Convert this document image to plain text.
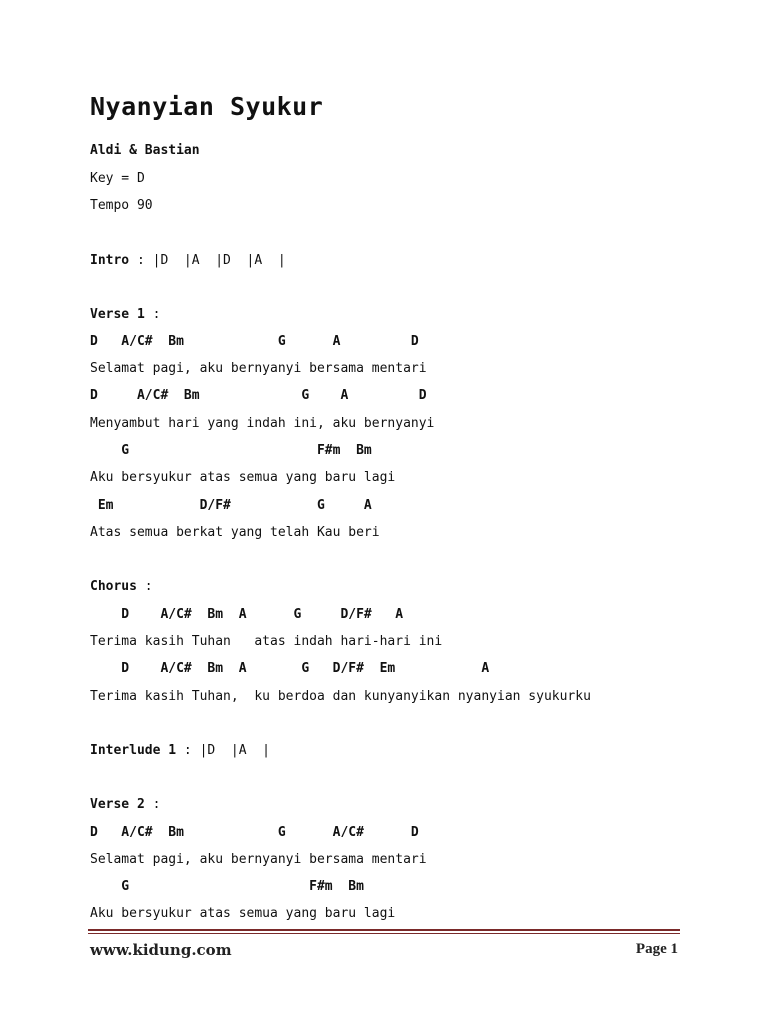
Nyanyian Syukur
Aldi & Bastian
Key = D
Tempo 90
Intro : |D  |A  |D  |A  |
Verse 1 :
D   A/C#  Bm            G      A         D
Selamat pagi, aku bernyanyi bersama mentari
D     A/C#  Bm             G    A         D
Menyambut hari yang indah ini, aku bernyanyi
G                        F#m  Bm
Aku bersyukur atas semua yang baru lagi
Em           D/F#           G     A
Atas semua berkat yang telah Kau beri
Chorus :
D    A/C#  Bm  A      G     D/F#   A
Terima kasih Tuhan   atas indah hari-hari ini
D    A/C#  Bm  A       G   D/F#  Em           A
Terima kasih Tuhan,  ku berdoa dan kunyanyikan nyanyian syukurku
Interlude 1 : |D  |A  |
Verse 2 :
D   A/C#  Bm            G      A/C#      D
Selamat pagi, aku bernyanyi bersama mentari
G                       F#m  Bm
Aku bersyukur atas semua yang baru lagi
www.kidung.com	Page 1
